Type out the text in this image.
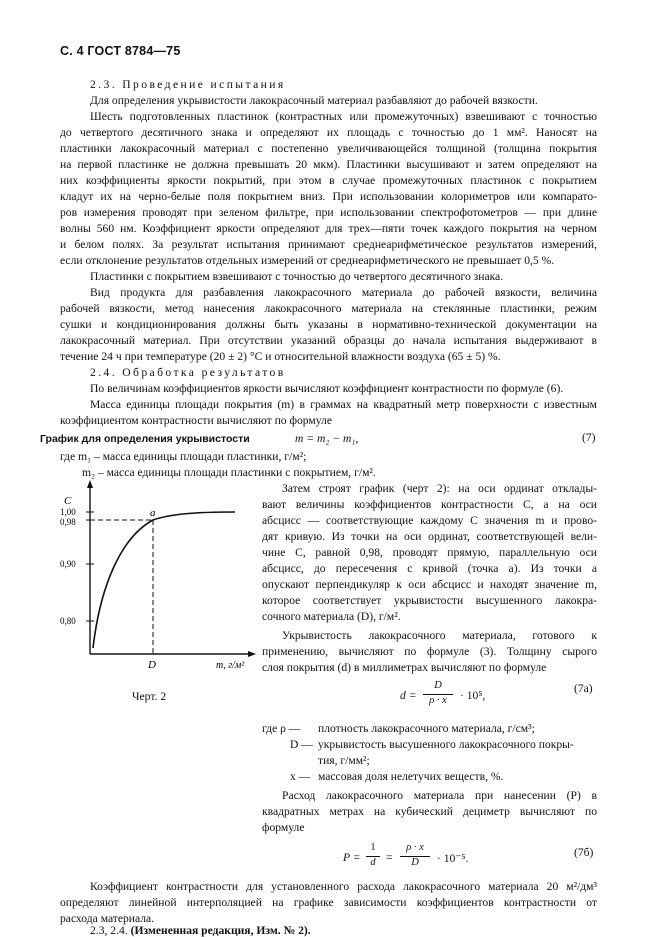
С. 4 ГОСТ 8784—75
2.3. Проведение испытания
Для определения укрывистости лакокрасочный материал разбавляют до рабочей вязкости.
Шесть подготовленных пластинок (контрастных или промежуточных) взвешивают с точностью
до четвертого десятичного знака и определяют их площадь с точностью до 1 мм². Наносят на
пластинки лакокрасочный материал с постепенно увеличивающейся толщиной (толщина покрытия
на первой пластинке не должна превышать 20 мкм). Пластинки высушивают и затем определяют на
них коэффициенты яркости покрытий, при этом в случае промежуточных пластинок с покрытием
кладут их на черно-белые поля покрытием вниз. При использовании колориметров или компарато-
ров измерения проводят при зеленом фильтре, при использовании спектрофотометров — при длине
волны 560 нм. Коэффициент яркости определяют для трех—пяти точек каждого покрытия на черном
и белом полях. За результат испытания принимают среднеарифметическое результатов измерений,
если отклонение результатов отдельных измерений от среднеарифметического не превышает 0,5 %.
Пластинки с покрытием взвешивают с точностью до четвертого десятичного знака.
Вид продукта для разбавления лакокрасочного материала до рабочей вязкости, величина
рабочей вязкости, метод нанесения лакокрасочного материала на стеклянные пластинки, режим
сушки и кондиционирования должны быть указаны в нормативно-технической документации на
лакокрасочный материал. При отсутствии указаний образцы до начала испытания выдерживают в
течение 24 ч при температуре (20 ± 2) °С и относительной влажности воздуха (65 ± 5) %.
2.4. Обработка результатов
По величинам коэффициентов яркости вычисляют коэффициент контрастности по формуле (6).
Масса единицы площади покрытия (m) в граммах на квадратный метр поверхности с известным
коэффициентом контрастности вычисляют по формуле
m = m₂ − m₁,	(7)
где m₁ – масса единицы площади пластинки, г/м²;
m₂ – масса единицы площади пластинки с покрытием, г/м².
График для определения укрывистости
C
1,00
0,98
0,90
0,80
a
D	m, г/м²
Черт. 2
Затем строят график (черт 2): на оси ординат отклады-
вают величины коэффициентов контрастности C, а на оси
абсцисс — соответствующие каждому C значения m и прово-
дят кривую. Из точки на оси ординат, соответствующей вели-
чине C, равной 0,98, проводят прямую, параллельную оси
абсцисс, до пересечения с кривой (точка a). Из точки a
опускают перпендикуляр к оси абсцисс и находят значение m,
которое соответствует укрывистости высушенного лакокра-
сочного материала (D), г/м².
Укрывистость лакокрасочного материала, готового к
применению, вычисляют по формуле (3). Толщину сырого
слоя покрытия (d) в миллиметрах вычисляют по формуле
d =
D
ρ · x	· 10⁵,
(7а)
где ρ — плотность лакокрасочного материала, г/см³;
D — укрывистость высушенного лакокрасочного покры-
тия, г/мм²;
x — массовая доля нелетучих веществ, %.
Расход лакокрасочного материала при нанесении (P) в
квадратных метрах на кубический дециметр вычисляют по
формуле
P =
1
d =
ρ · x
D	· 10⁻⁵.	(7б)
Коэффициент контрастности для установленного расхода лакокрасочного материала 20 м²/дм³
определяют линейной интерполяцией на графике зависимости коэффициентов контрастности от
расхода материала.
2.3, 2.4. (Измененная редакция, Изм. № 2).
